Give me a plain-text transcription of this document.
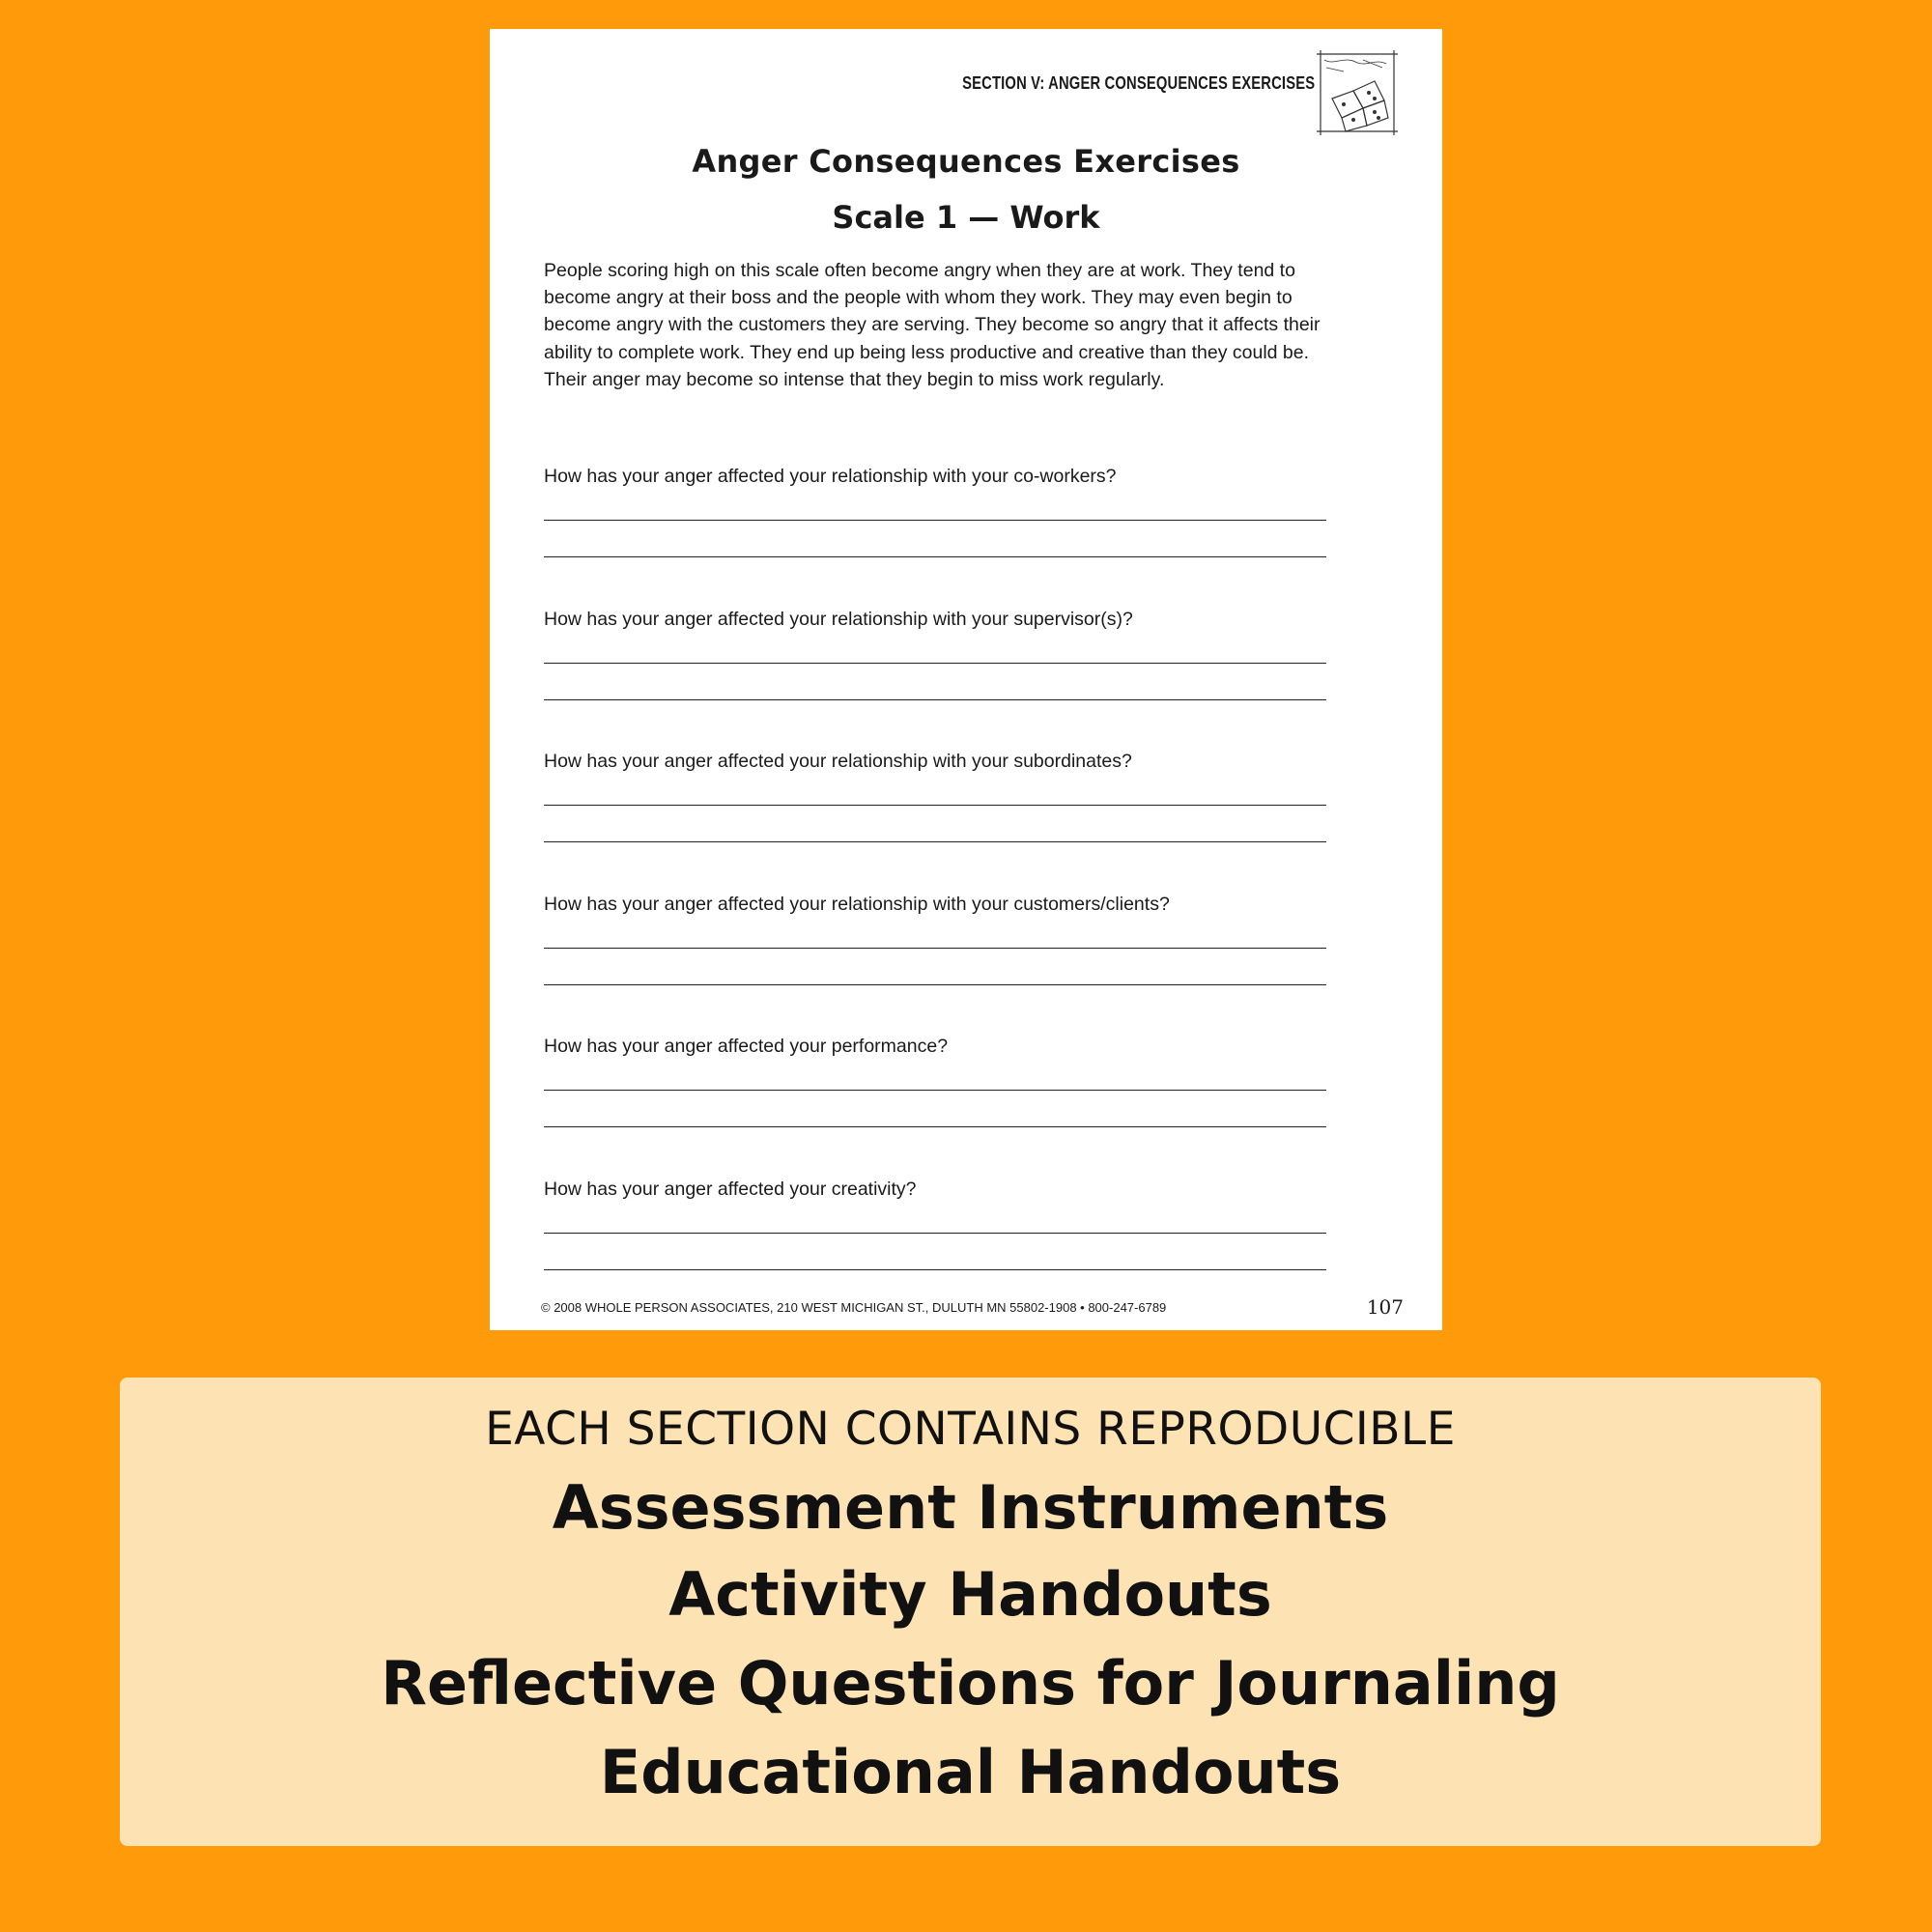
SECTION V: ANGER CONSEQUENCES EXERCISES
Anger Consequences Exercises
Scale 1 — Work
People scoring high on this scale often become angry when they are at work. They tend to become angry at their boss and the people with whom they work. They may even begin to become angry with the customers they are serving. They become so angry that it affects their ability to complete work. They end up being less productive and creative than they could be. Their anger may become so intense that they begin to miss work regularly.
How has your anger affected your relationship with your co-workers?
How has your anger affected your relationship with your supervisor(s)?
How has your anger affected your relationship with your subordinates?
How has your anger affected your relationship with your customers/clients?
How has your anger affected your performance?
How has your anger affected your creativity?
© 2008 WHOLE PERSON ASSOCIATES, 210 WEST MICHIGAN ST., DULUTH MN 55802-1908 • 800-247-6789	107
EACH SECTION CONTAINS REPRODUCIBLE
Assessment Instruments
Activity Handouts
Reflective Questions for Journaling
Educational Handouts
